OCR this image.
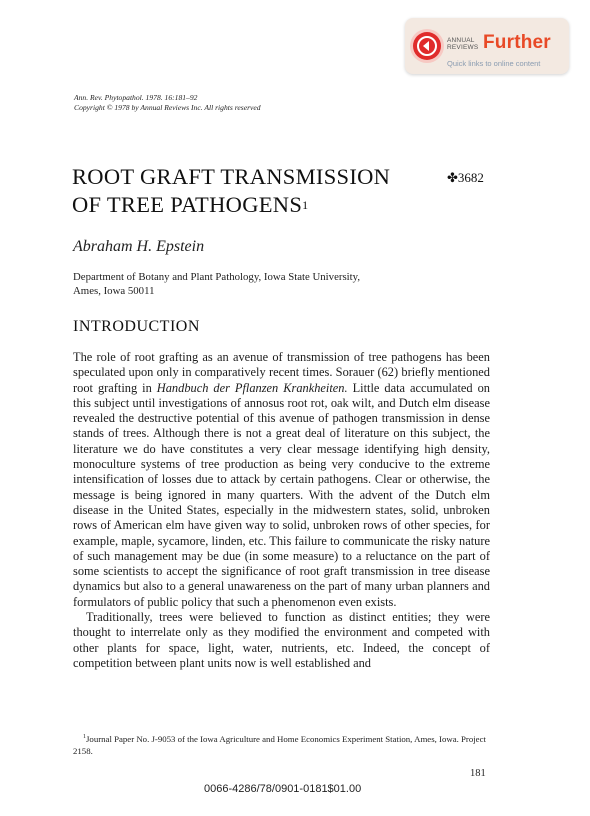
ANNUAL
REVIEWS Further
Quick links to online content
Ann. Rev. Phytopathol. 1978. 16:181–92
Copyright © 1978 by Annual Reviews Inc. All rights reserved
ROOT GRAFT TRANSMISSION
OF TREE PATHOGENS$^1$
✤3682
Abraham H. Epstein
Department of Botany and Plant Pathology, Iowa State University,
Ames, Iowa 50011
INTRODUCTION

The role of root grafting as an avenue of transmission of tree pathogens has been speculated upon only in comparatively recent times. Sorauer (62) briefly mentioned root grafting in Handbuch der Pflanzen Krankheiten. Little data accumulated on this subject until investigations of annosus root rot, oak wilt, and Dutch elm disease revealed the destructive potential of this avenue of pathogen transmission in dense stands of trees. Although there is not a great deal of literature on this subject, the literature we do have constitutes a very clear message identifying high density, monoculture systems of tree production as being very conducive to the extreme intensification of losses due to attack by certain pathogens. Clear or otherwise, the message is being ignored in many quarters. With the advent of the Dutch elm disease in the United States, especially in the midwestern states, solid, unbroken rows of American elm have given way to solid, unbroken rows of other species, for example, maple, sycamore, linden, etc. This failure to communicate the risky nature of such management may be due (in some measure) to a reluctance on the part of some scientists to accept the significance of root graft transmission in tree disease dynamics but also to a general unawareness on the part of many urban planners and formulators of public policy that such a phenomenon even exists.

Traditionally, trees were believed to function as distinct entities; they were thought to interrelate only as they modified the environment and competed with other plants for space, light, water, nutrients, etc. Indeed, the concept of competition between plant units now is well established and

$^1$Journal Paper No. J-9053 of the Iowa Agriculture and Home Economics Experiment Station, Ames, Iowa. Project 2158.
181
0066-4286/78/0901-0181$01.00
